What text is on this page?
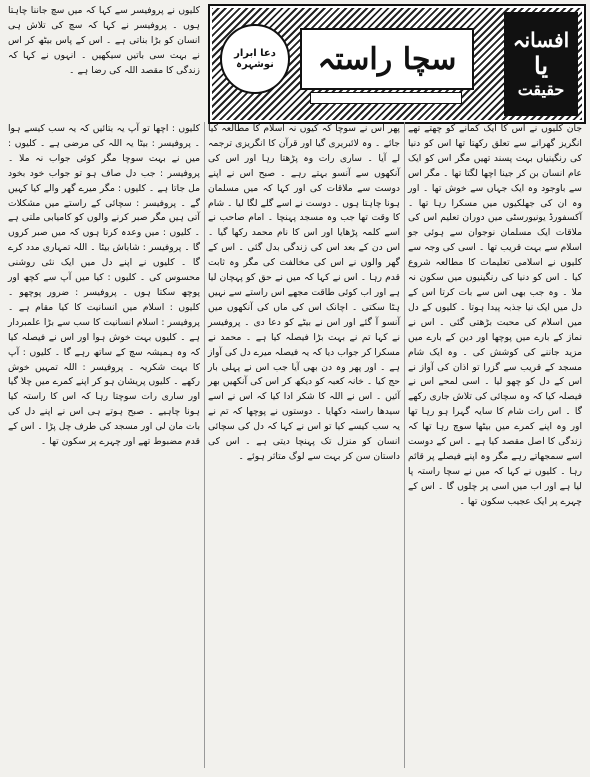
کلیوں نے پروفیسر سے کہا کہ میں سچ جاننا چاہتا ہوں ۔ پروفیسر نے کہا کہ سچ کی تلاش ہی انسان کو بڑا بناتی ہے ۔ اس کے پاس بیٹھ کر اس نے بہت سی باتیں سیکھیں ۔ انہوں نے کہا کہ زندگی کا مقصد اللہ کی رضا ہے ۔

دعا ابرار
نوشہرہ	سچا راستہ
افسانہ
یا
حقیقت

جان کلیوں نے اس کا ایک کمانے کو چھتے تھے انگریز گھرانے سے تعلق رکھتا تھا اس کو دنیا کی رنگینیاں بہت پسند تھیں مگر اس کو ایک عام انسان بن کر جینا اچھا لگتا تھا ۔ مگر اس سے باوجود وہ ایک جہاں سے خوش تھا ۔ اور وہ ان کی جھلکیوں میں مسکرا رہا تھا ۔ آکسفورڈ یونیورسٹی میں دوران تعلیم اس کی ملاقات ایک مسلمان نوجوان سے ہوئی جو اسلام سے بہت قریب تھا ۔ اسی کی وجہ سے کلیوں نے اسلامی تعلیمات کا مطالعہ شروع کیا ۔ اس کو دنیا کی رنگینیوں میں سکون نہ ملا ۔ وہ جب بھی اس سے بات کرتا اس کے دل میں ایک نیا جذبہ پیدا ہوتا ۔ کلیوں کے دل میں اسلام کی محبت بڑھتی گئی ۔ اس نے نماز کے بارے میں پوچھا اور دین کے بارے میں مزید جاننے کی کوشش کی ۔ وہ ایک شام مسجد کے قریب سے گزرا تو اذان کی آواز نے اس کے دل کو چھو لیا ۔ اسی لمحے اس نے فیصلہ کیا کہ وہ سچائی کی تلاش جاری رکھے گا ۔ اس رات شام کا سایہ گہرا ہو رہا تھا اور وہ اپنے کمرے میں بیٹھا سوچ رہا تھا کہ زندگی کا اصل مقصد کیا ہے ۔ اس کے دوست اسے سمجھاتے رہے مگر وہ اپنے فیصلے پر قائم رہا ۔ کلیوں نے کہا کہ میں نے سچا راستہ پا لیا ہے اور اب میں اسی پر چلوں گا ۔ اس کے چہرے پر ایک عجیب سکون تھا ۔

پھر اس نے سوچا کہ کیوں نہ اسلام کا مطالعہ کیا جائے ۔ وہ لائبریری گیا اور قرآن کا انگریزی ترجمہ لے آیا ۔ ساری رات وہ پڑھتا رہا اور اس کی آنکھوں سے آنسو بہتے رہے ۔ صبح اس نے اپنے دوست سے ملاقات کی اور کہا کہ میں مسلمان ہونا چاہتا ہوں ۔ دوست نے اسے گلے لگا لیا ۔ شام کا وقت تھا جب وہ مسجد پہنچا ۔ امام صاحب نے اسے کلمہ پڑھایا اور اس کا نام محمد رکھا گیا ۔ اس دن کے بعد اس کی زندگی بدل گئی ۔ اس کے گھر والوں نے اس کی مخالفت کی مگر وہ ثابت قدم رہا ۔ اس نے کہا کہ میں نے حق کو پہچان لیا ہے اور اب کوئی طاقت مجھے اس راستے سے نہیں ہٹا سکتی ۔ اچانک اس کی ماں کی آنکھوں میں آنسو آ گئے اور اس نے بیٹے کو دعا دی ۔ پروفیسر نے کہا تم نے بہت بڑا فیصلہ کیا ہے ۔ محمد نے مسکرا کر جواب دیا کہ یہ فیصلہ میرے دل کی آواز ہے ۔ اور پھر وہ دن بھی آیا جب اس نے پہلی بار حج کیا ۔ خانہ کعبہ کو دیکھ کر اس کی آنکھیں بھر آئیں ۔ اس نے اللہ کا شکر ادا کیا کہ اس نے اسے سیدھا راستہ دکھایا ۔ دوستوں نے پوچھا کہ تم نے یہ سب کیسے کیا تو اس نے کہا کہ دل کی سچائی انسان کو منزل تک پہنچا دیتی ہے ۔ اس کی داستان سن کر بہت سے لوگ متاثر ہوئے ۔

کلیوں : اچھا تو آپ یہ بتائیں کہ یہ سب کیسے ہوا ۔ پروفیسر : بیٹا یہ اللہ کی مرضی ہے ۔ کلیوں : میں نے بہت سوچا مگر کوئی جواب نہ ملا ۔ پروفیسر : جب دل صاف ہو تو جواب خود بخود مل جاتا ہے ۔ کلیوں : مگر میرے گھر والے کیا کہیں گے ۔ پروفیسر : سچائی کے راستے میں مشکلات آتی ہیں مگر صبر کرنے والوں کو کامیابی ملتی ہے ۔ کلیوں : میں وعدہ کرتا ہوں کہ میں صبر کروں گا ۔ پروفیسر : شاباش بیٹا ۔ اللہ تمہاری مدد کرے گا ۔ کلیوں نے اپنے دل میں ایک نئی روشنی محسوس کی ۔ کلیوں : کیا میں آپ سے کچھ اور پوچھ سکتا ہوں ۔ پروفیسر : ضرور پوچھو ۔ کلیوں : اسلام میں انسانیت کا کیا مقام ہے ۔ پروفیسر : اسلام انسانیت کا سب سے بڑا علمبردار ہے ۔ کلیوں بہت خوش ہوا اور اس نے فیصلہ کیا کہ وہ ہمیشہ سچ کے ساتھ رہے گا ۔ کلیوں : آپ کا بہت شکریہ ۔ پروفیسر : اللہ تمہیں خوش رکھے ۔ کلیوں پریشان ہو کر اپنے کمرے میں چلا گیا اور ساری رات سوچتا رہا کہ اس کا راستہ کیا ہونا چاہیے ۔ صبح ہوتے ہی اس نے اپنے دل کی بات مان لی اور مسجد کی طرف چل پڑا ۔ اس کے قدم مضبوط تھے اور چہرے پر سکون تھا ۔
